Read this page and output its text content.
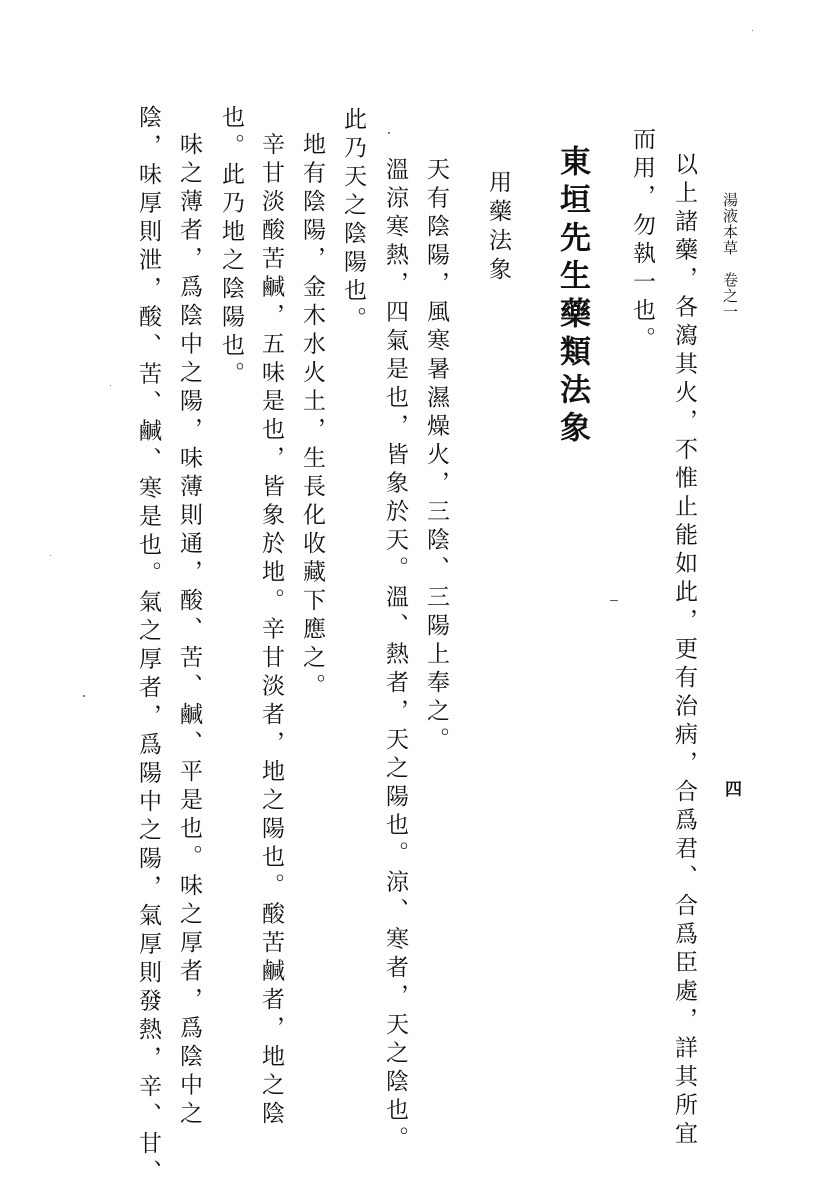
湯液本草　卷之一
四
以上諸藥，各瀉其火，不惟止能如此，更有治病，合爲君、合爲臣處，詳其所宜
而用，勿執一也。
東垣先生藥類法象
用藥法象
天有陰陽，風寒暑濕燥火，三陰、三陽上奉之。
溫涼寒熱，四氣是也，皆象於天。溫、熱者，天之陽也。涼、寒者，天之陰也。
此乃天之陰陽也。
地有陰陽，金木水火土，生長化收藏下應之。
辛甘淡酸苦鹹，五味是也，皆象於地。辛甘淡者，地之陽也。酸苦鹹者，地之陰
也。此乃地之陰陽也。
味之薄者，爲陰中之陽，味薄則通，酸、苦、鹹、平是也。味之厚者，爲陰中之
陰，味厚則泄，酸、苦、鹹、寒是也。氣之厚者，爲陽中之陽，氣厚則發熱，辛、甘、
